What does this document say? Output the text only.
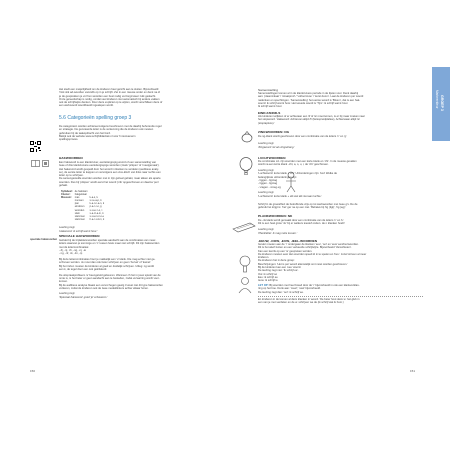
Het stedt een meijerlijkheid om de kinderen heel gericht aan te sluiten. Bijvoorbeeld:
'Ook stik ad-woorden vanzelfs op in je schrijft. Zet in een nieuwe onder en denk na of
je de gesprekken je vol hun woorden een best nodig verzorgd weer zulk geslacht.
Onze gereedschap is nodig, omdat veel kinderen niet automatisch bij andere vakken
ook de schrijfwijze denken. Door deze expliciet op te wijzen, wordt verschilleen deze of
een werkwoord woordbeeld ingeslepen wordt.
5.6 Categorieën spelling groep 3
De categorieën worden achtereenvolgens beschreven met de daarbij behorende regel
en strategie. De genoteerde letter is de verkenning die de kinderen ook moeten
gebruiken bij de taakopdracht van het bord.
Bekijk ook de website www.schrijfdidactiek.nl voor fi niet-kamern
spellingsproces.
HAKWOORDEN
Een hakwoord is een klankzuiver, eenlettergrepig woord of een samenstelling van
twee of drie klankzuivere eenlettergrepige woorden (zoals 'prikpen' of 'meelgemaal').
Het hakwoord wordt gespeld door het woord in klanken te verdelen (auditieve analy-
se), de eerste letter te kappen en vervolgens een vice-kloch van links naar rechts een
letter op te schrijven.
De samengestelde woorden worden met in zijn geheel gehakt, maar alleen als aparte
woorden. Dus bij 'prikpen' wordt eerst het woord 'prik' opgeschreven en daarna 'pen'
gehakt.
Syllabeel:	de hakstam	
Cluster:	hakgeklaar	
Massum:	mas	k-a-s, k
	mensen	s-l-e-a-p, k
	pan	k-a-r-n-a-n, k
	eindoren	p-a-r-r-o, g
	woorden	s-t-a-r-r-o, t
	slam	s-a-l-l-a-m, k
	stammen	s-t-a-m-m-i-e
	stammen	h-a-r-t-d-m, k
Leerling zegt:
'Hakwoord: ik schrijf wat ik hoor.'
speciale hakwoorden
SPECIALE HAKWOORDEN
Gehakt bij de tripleklanmoorden speciale aandacht aan de combinaties van meer-
letters waarvan je sommige en 'n' tussen hoek maar niet schrijft. Dit zijn hakwoorden
met de lettercombinaties:
- dj, -nj, -lh, -ng, -nj, -ie
- ng, -nf, -lk, -lm, -ip
Bij deze lettercombinaties hoor je makkelijk een 'u' klank. Die mag echter niet ge-
schreven worden. Je moet dan ook beter schrijven en geen 'hervel' of 'kamel'.
Bij het inzien moeten de kinderen al goed en duidelijk schrijven. Uitleg: ng wordt
een k, de tegel door een ook gekrikkerd.
De uitspraakprobleem 'a' beengeluid gebeuren. Wanneer ch het in jouw spiekt van de
omte is, is het beter er geen aandacht aan te besteden, zodat verwarring wordt voor-
komen.
Bij de auditieve analyse blaast een vervul hegen gewig 3 weet niet dit type hakwoorden
verkeren, zodat de kinderen ook de twee medeklinkers achter elkaar horen.
Leerling zegt:
'Speciaal hakwoord: goed 'je' erbaveren.'
150
Samenstelling
Samenstellingen komen al in de klankzuivere periode in de lijsten voor. Denk daarbij
aan: 'plaaminkaat' / 'straatprod' / 'voftoort-koe' / 'kerst-boom'. Laat de kinderen per woord
nadenken en spechtingen. 'Samenstelling' het eerste woord is 'Bloem', dat is een hak-
woord: ik schrijf wat ik hoor. Het tweede woord is 'Tijm': ik schrijf wat ik hoor.
Ik schrijf wat ik hoor.
EIND-F/EIND-S
Als kinderen twijfelen of er achteraan een /f/ of /s/ moet komen, is er bij maar zoeken naar
het stopwoord. 'Hakwoord: Achtervan altijd /f/ (fietsspreidplaltee), Achterwaan altijd /s/
(stoptaploos).'
ZINGWOORDEN: NG
De ng-klank wordt geschreven door een combinatie van de letters 'n' en 'g'.
Leerling zegt:
'Zingwoord: let als zingsdrang.'
LUCHTWOORDEN
De combinatie cd- zijn woorden met een korte klank en 'cht'. In de meeste gevallen
wordt na een korte klank -cht, a, o, u, i, de 'cht' geschreven.
Leerling zegt:
'Luchtwoord: korte klank + cht.' Uitzonderingen zijn: 'Het' Welke de
belangrijkste uitzonderingen zijn:
- liggen - ligt-lag
- liggen - ligt-lag
- vragen - vroeg-vg
Leerling zegt:
'Luchtwoord: korte klank + elit wel alit niet aan luchte.'
Schrijf in de groeieffect de betreffende vrijs op tot werkwoorden met twee g's. De de
gebruik het krijgt is: 'het' ger na op een niet. 'Behalve bij 'lig (ligt)', 'lig (eg)'.
PLANKWOORDEN: NK
De -nk klank wordt gemaakt door een combinatie van de letters 'n' en 'k'.
Dit is een heel grote 'nk' bij er welkers toesleh zetten. de n klanken hoeft!
Leerling zegt:
'Plankletter: ik mag mets tussen.'
-EEUW, -OOW, -EUW, -IEEL-WOORDEN
Gevler moeten aan de 'r' ondergaan de klanken 'eeu', 'ooi' en 'euw' eenrbezwoorden.
Dit is het alsof fecten en een verkeerde schrijfwijze. Bijvoorbeeld 'Vanschieten'.
Kan een kenrik op een 'is' gespreken worden.
De kinderen moeten eesr dan woorden speelt kl in te spelen en 'bev'. Jozef sit leun al meer
kinderen.
De kinderen het in deze groep:
Beschrijvingen: 'Het is per woord altenstelijk omt moet worden geschreven.'
Bij de kinderen kan een 'eeu' woord.
De leerling zegt niet: 'Ik schrijf ee'.
Ooi: ik schrijf oo
Eeu: ik schrijf ee
Ieuw: ik schrijf ie
LET OP: Bij woorden met heel breed door de 'r' bijvoorbeeld in ook een klankverklan-
ring op het boe. Denk aan: 'meel'; 'veel' bijvoorbeeld.
De leerling zegt dan: 'ooi': ik schrijf ee.
En kinderen in de komen al deze klanken in woord. 'De beter hout deze w: het glub in
een van je mer-verdelen en de w. schrijven we de (ik schrijf wat ik hoor.)
151
GROEP 3
Markeerkleur
